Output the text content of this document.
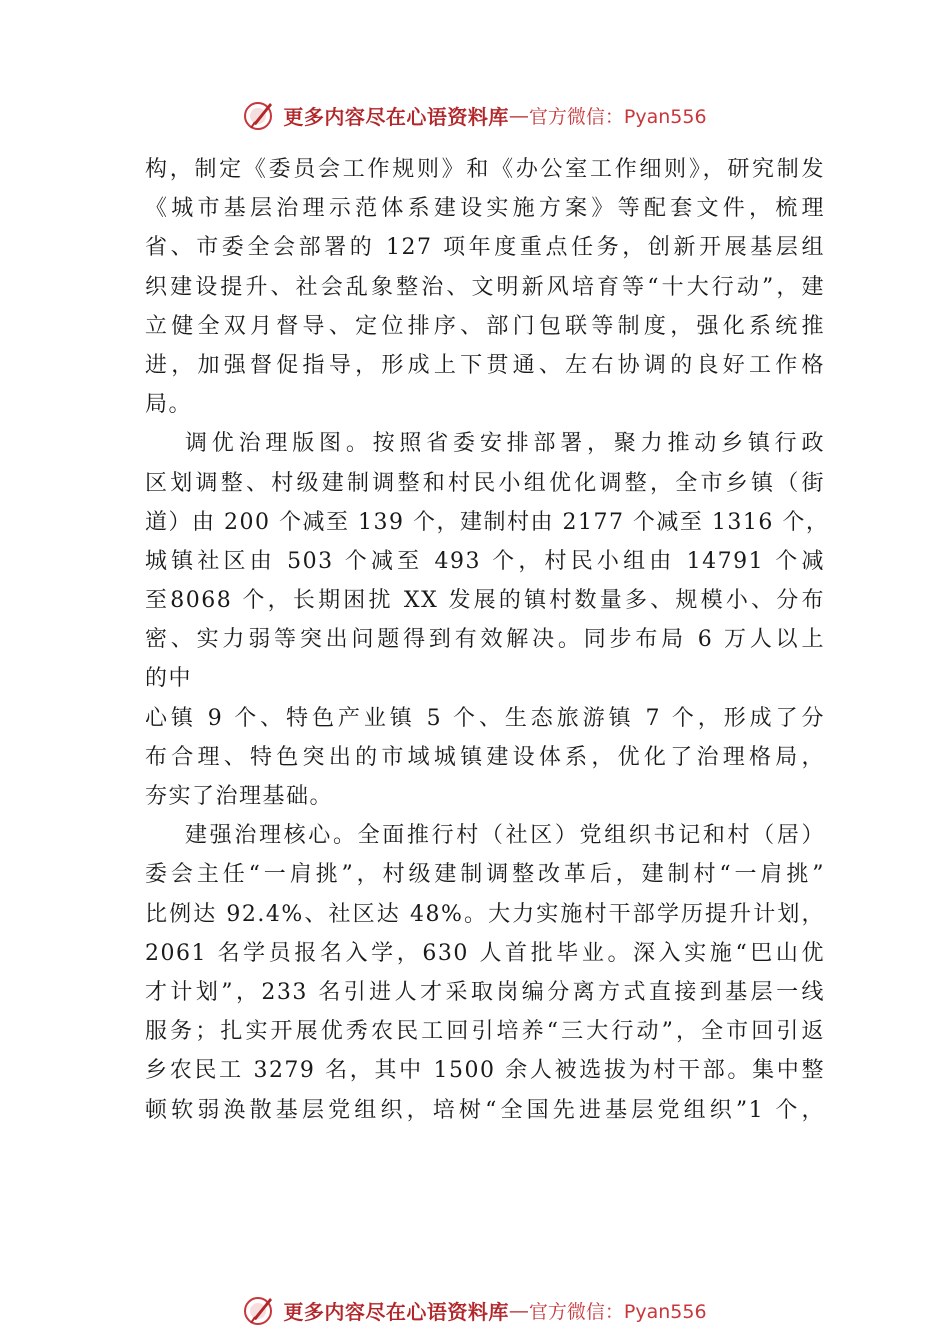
更多内容尽在心语资料库 — 官方微信：Pyan556
构，制定《委员会工作规则》和《办公室工作细则》，研究制发
《城市基层治理示范体系建设实施方案》等配套文件，梳理
省、市委全会部署的 127 项年度重点任务，创新开展基层组
织建设提升、社会乱象整治、文明新风培育等“十大行动”，建
立健全双月督导、定位排序、部门包联等制度，强化系统推
进，加强督促指导，形成上下贯通、左右协调的良好工作格
局。
调优治理版图。按照省委安排部署，聚力推动乡镇行政
区划调整、村级建制调整和村民小组优化调整，全市乡镇（街
道）由 200 个减至 139 个，建制村由 2177 个减至 1316 个，
城镇社区由 503 个减至 493 个，村民小组由 14791 个减
至8068 个，长期困扰 XX 发展的镇村数量多、规模小、分布
密、实力弱等突出问题得到有效解决。同步布局 6 万人以上
的中
心镇 9 个、特色产业镇 5 个、生态旅游镇 7 个，形成了分
布合理、特色突出的市域城镇建设体系，优化了治理格局，
夯实了治理基础。
建强治理核心。全面推行村（社区）党组织书记和村（居）
委会主任“一肩挑”，村级建制调整改革后，建制村“一肩挑”
比例达 92.4%、社区达 48%。大力实施村干部学历提升计划，
2061 名学员报名入学，630 人首批毕业。深入实施“巴山优
才计划”，233 名引进人才采取岗编分离方式直接到基层一线
服务；扎实开展优秀农民工回引培养“三大行动”，全市回引返
乡农民工 3279 名，其中 1500 余人被选拔为村干部。集中整
顿软弱涣散基层党组织，培树“全国先进基层党组织”1 个，
更多内容尽在心语资料库 — 官方微信：Pyan556
